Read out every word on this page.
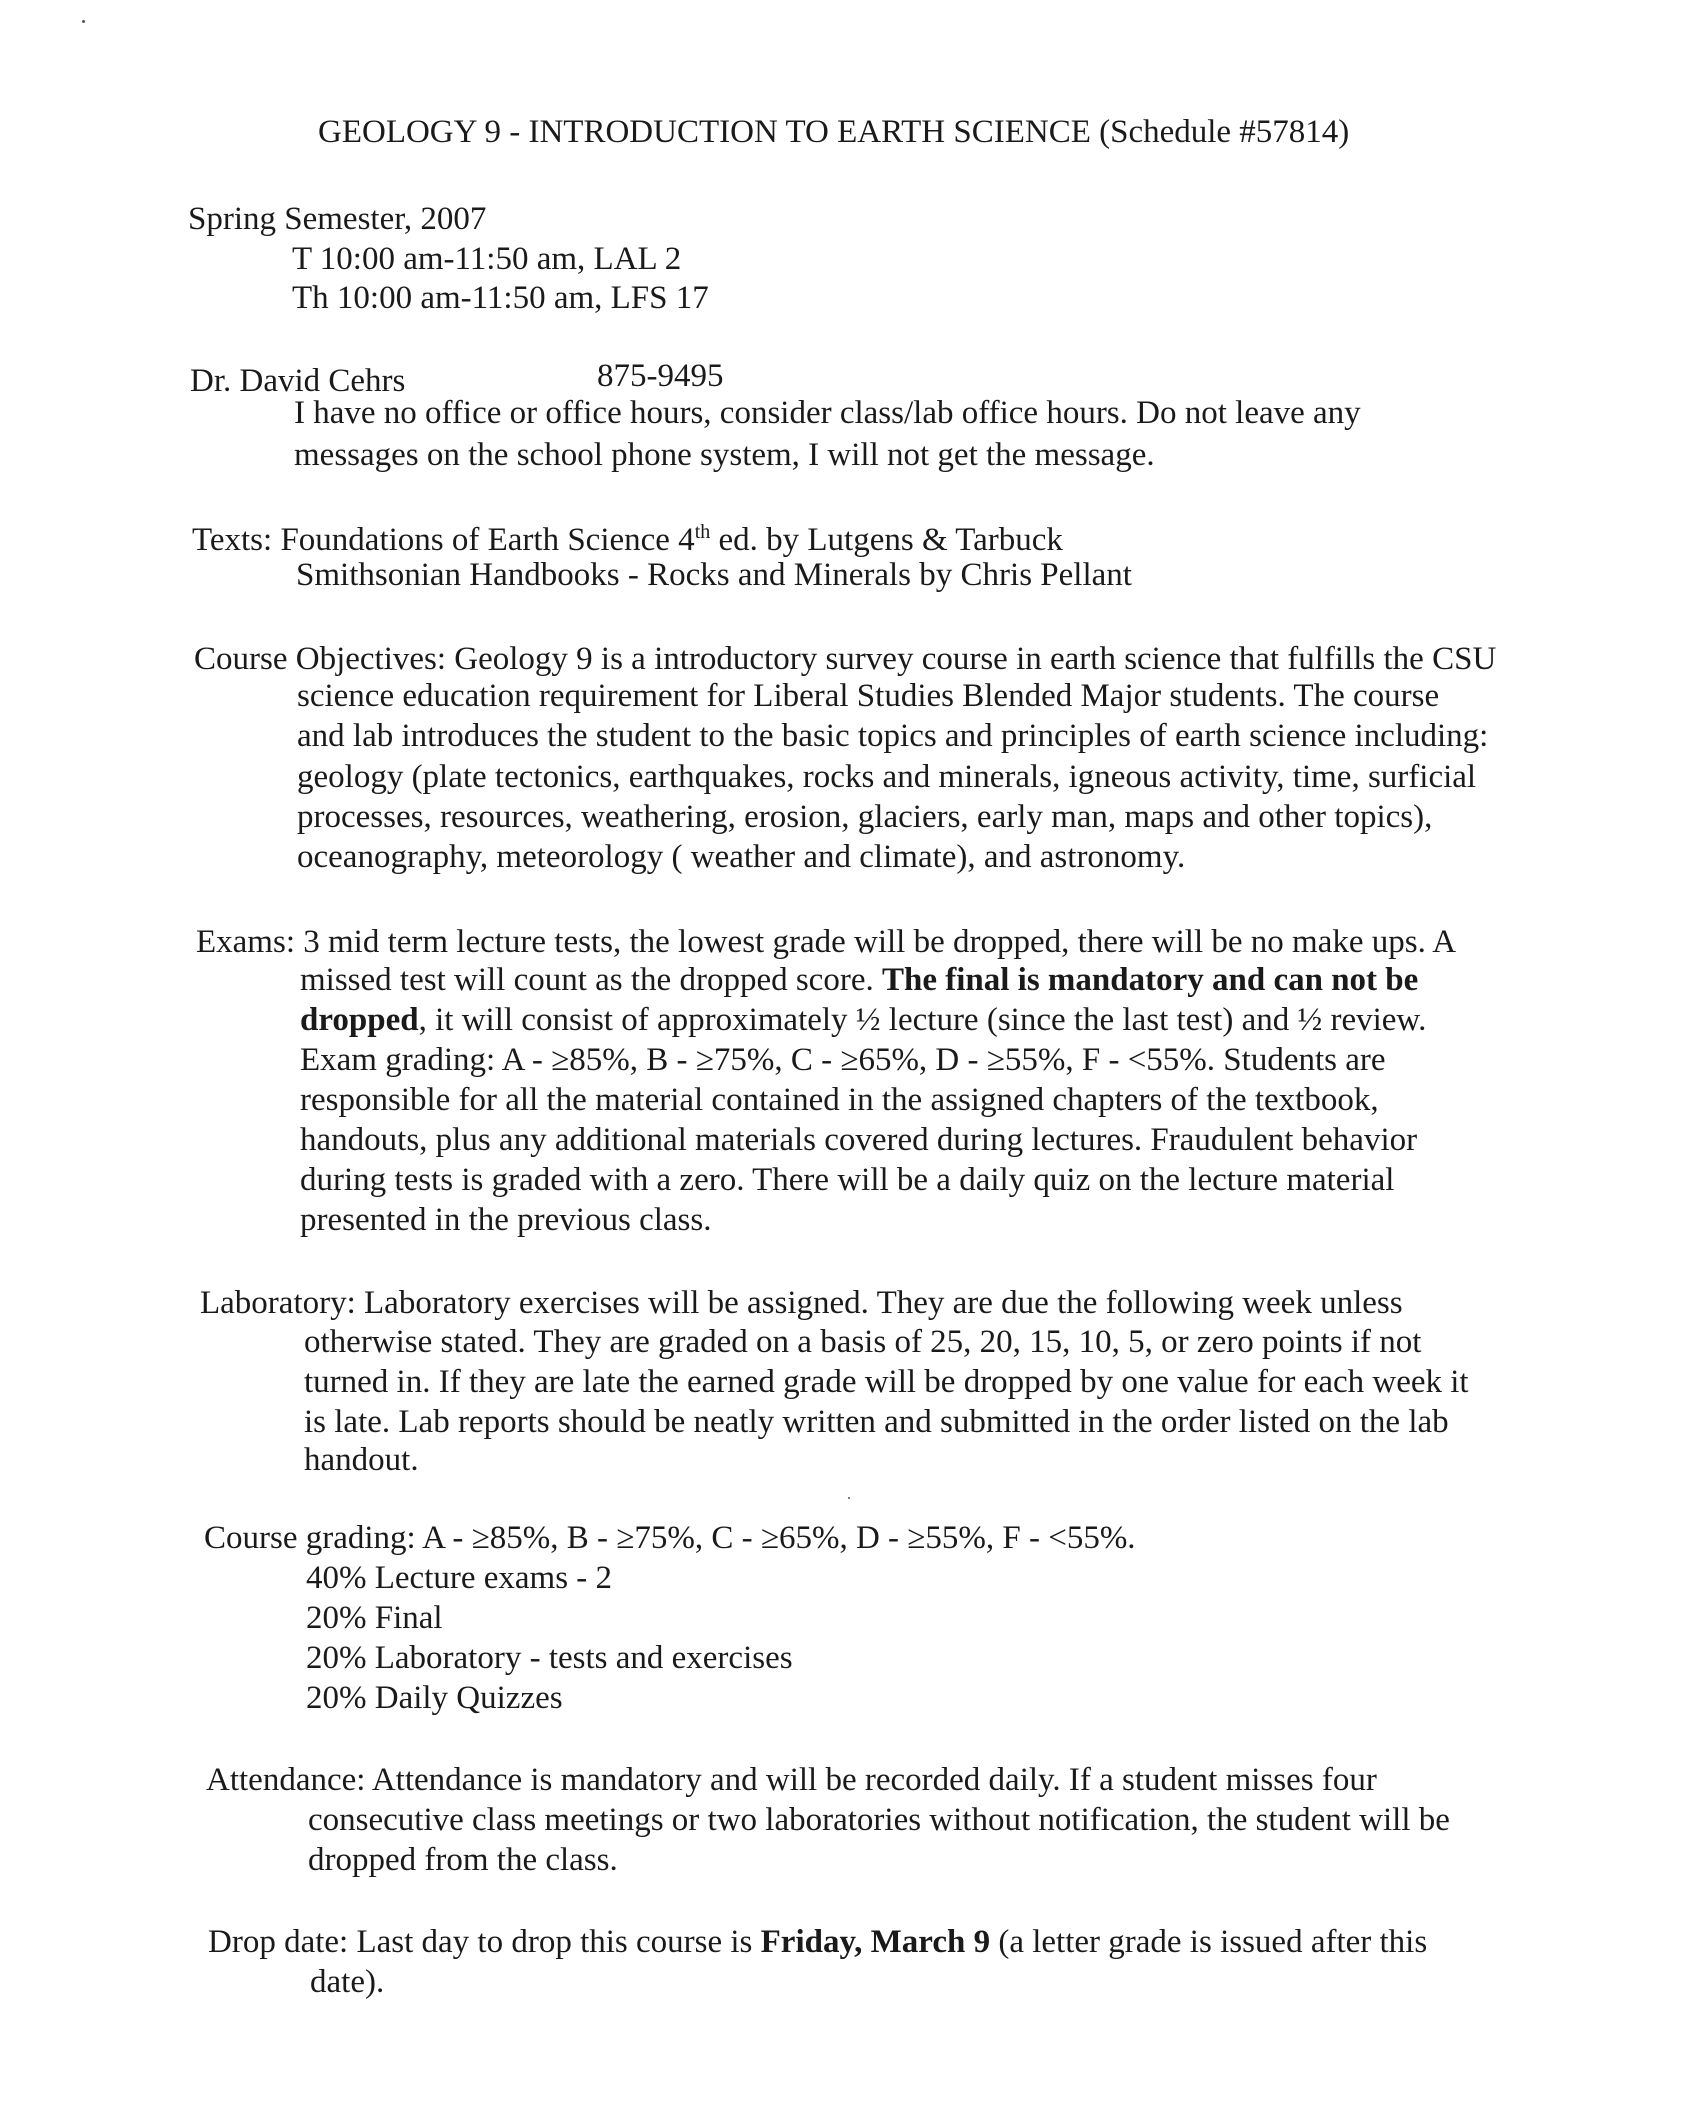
GEOLOGY 9 - INTRODUCTION TO EARTH SCIENCE (Schedule #57814)
Spring Semester, 2007
T 10:00 am-11:50 am, LAL 2
Th 10:00 am-11:50 am, LFS 17
Dr. David Cehrs	875-9495
I have no office or office hours, consider class/lab office hours. Do not leave any
messages on the school phone system, I will not get the message.
Texts: Foundations of Earth Science 4th ed. by Lutgens & Tarbuck
Smithsonian Handbooks - Rocks and Minerals by Chris Pellant
Course Objectives: Geology 9 is a introductory survey course in earth science that fulfills the CSU
science education requirement for Liberal Studies Blended Major students. The course
and lab introduces the student to the basic topics and principles of earth science including:
geology (plate tectonics, earthquakes, rocks and minerals, igneous activity, time, surficial
processes, resources, weathering, erosion, glaciers, early man, maps and other topics),
oceanography, meteorology ( weather and climate), and astronomy.
Exams: 3 mid term lecture tests, the lowest grade will be dropped, there will be no make ups. A
missed test will count as the dropped score. The final is mandatory and can not be
dropped, it will consist of approximately ½ lecture (since the last test) and ½ review.
Exam grading: A - ≥85%, B - ≥75%, C - ≥65%, D - ≥55%, F - <55%. Students are
responsible for all the material contained in the assigned chapters of the textbook,
handouts, plus any additional materials covered during lectures. Fraudulent behavior
during tests is graded with a zero. There will be a daily quiz on the lecture material
presented in the previous class.
Laboratory: Laboratory exercises will be assigned. They are due the following week unless
otherwise stated. They are graded on a basis of 25, 20, 15, 10, 5, or zero points if not
turned in. If they are late the earned grade will be dropped by one value for each week it
is late. Lab reports should be neatly written and submitted in the order listed on the lab
handout.
Course grading: A - ≥85%, B - ≥75%, C - ≥65%, D - ≥55%, F - <55%.
40% Lecture exams - 2
20% Final
20% Laboratory - tests and exercises
20% Daily Quizzes
Attendance: Attendance is mandatory and will be recorded daily. If a student misses four
consecutive class meetings or two laboratories without notification, the student will be
dropped from the class.
Drop date: Last day to drop this course is Friday, March 9 (a letter grade is issued after this
date).
